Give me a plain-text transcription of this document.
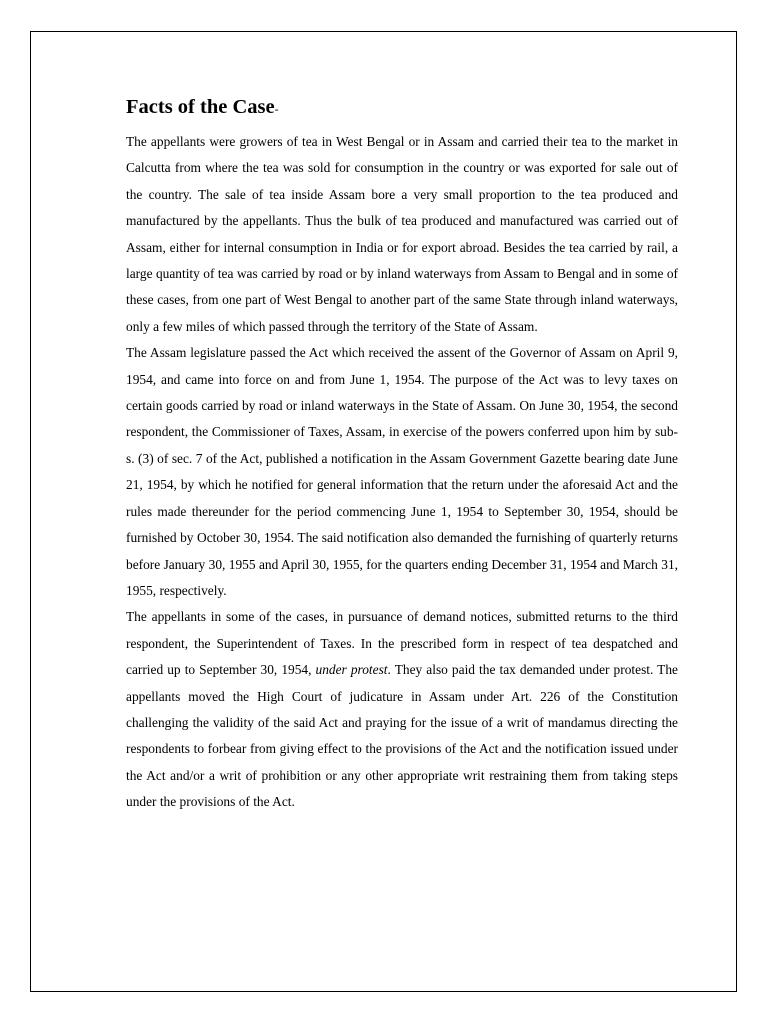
Facts of the Case-

The appellants were growers of tea in West Bengal or in Assam and carried their tea to the market in Calcutta from where the tea was sold for consumption in the country or was exported for sale out of the country. The sale of tea inside Assam bore a very small proportion to the tea produced and manufactured by the appellants. Thus the bulk of tea produced and manufactured was carried out of Assam, either for internal consumption in India or for export abroad. Besides the tea carried by rail, a large quantity of tea was carried by road or by inland waterways from Assam to Bengal and in some of these cases, from one part of West Bengal to another part of the same State through inland waterways, only a few miles of which passed through the territory of the State of Assam.

The Assam legislature passed the Act which received the assent of the Governor of Assam on April 9, 1954, and came into force on and from June 1, 1954. The purpose of the Act was to levy taxes on certain goods carried by road or inland waterways in the State of Assam. On June 30, 1954, the second respondent, the Commissioner of Taxes, Assam, in exercise of the powers conferred upon him by sub-s. (3) of sec. 7 of the Act, published a notification in the Assam Government Gazette bearing date June 21, 1954, by which he notified for general information that the return under the aforesaid Act and the rules made thereunder for the period commencing June 1, 1954 to September 30, 1954, should be furnished by October 30, 1954. The said notification also demanded the furnishing of quarterly returns before January 30, 1955 and April 30, 1955, for the quarters ending December 31, 1954 and March 31, 1955, respectively.

The appellants in some of the cases, in pursuance of demand notices, submitted returns to the third respondent, the Superintendent of Taxes. In the prescribed form in respect of tea despatched and carried up to September 30, 1954, under protest. They also paid the tax demanded under protest. The appellants moved the High Court of judicature in Assam under Art. 226 of the Constitution challenging the validity of the said Act and praying for the issue of a writ of mandamus directing the respondents to forbear from giving effect to the provisions of the Act and the notification issued under the Act and/or a writ of prohibition or any other appropriate writ restraining them from taking steps under the provisions of the Act.
